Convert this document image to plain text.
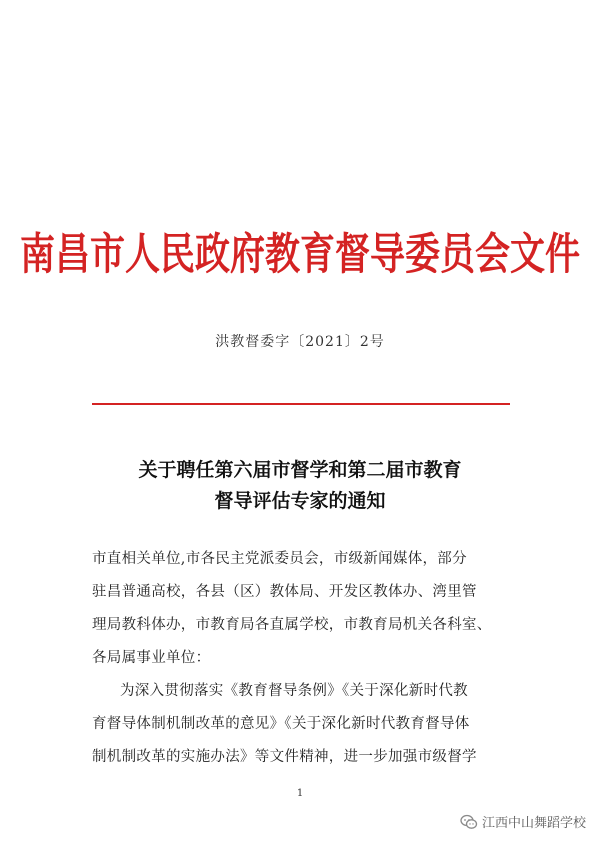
南昌市人民政府教育督导委员会文件
洪教督委字〔2021〕2号
关于聘任第六届市督学和第二届市教育
督导评估专家的通知
市直相关单位,市各民主党派委员会，市级新闻媒体，部分
驻昌普通高校，各县（区）教体局、开发区教体办、湾里管
理局教科体办，市教育局各直属学校，市教育局机关各科室、
各局属事业单位：
为深入贯彻落实《教育督导条例》《关于深化新时代教
育督导体制机制改革的意见》《关于深化新时代教育督导体
制机制改革的实施办法》等文件精神，进一步加强市级督学
1
江西中山舞蹈学校
